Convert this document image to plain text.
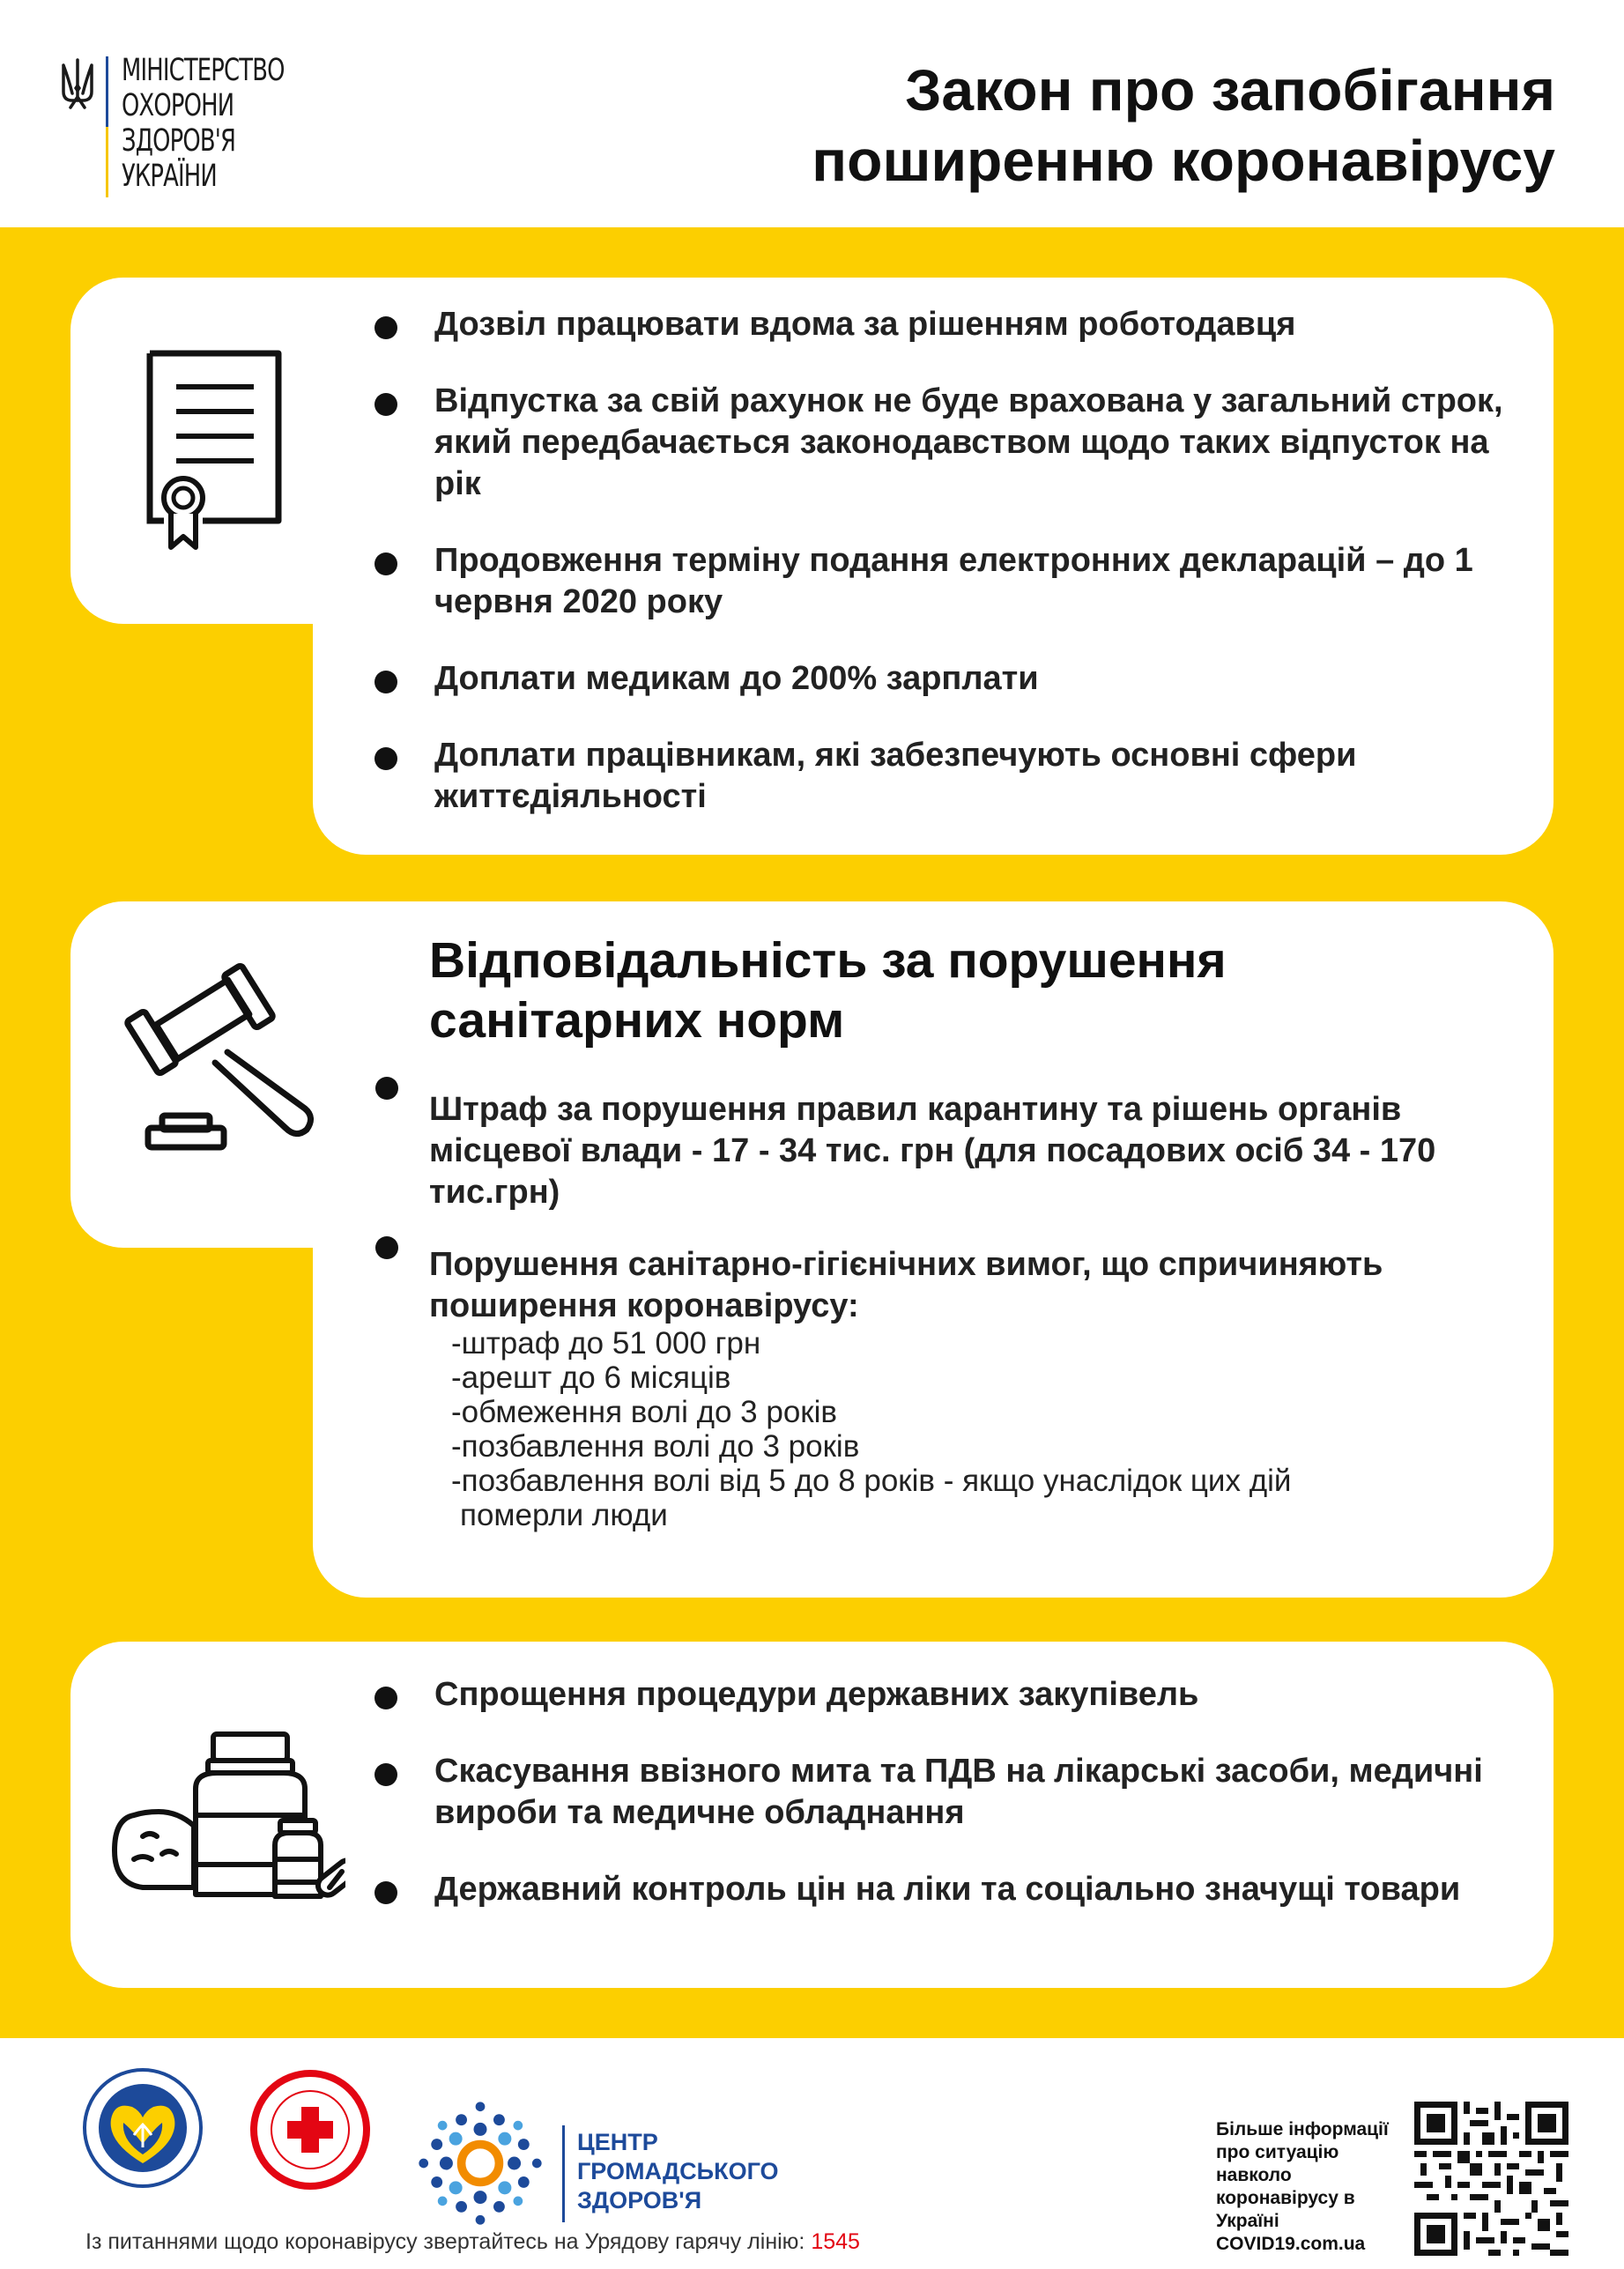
МІНІСТЕРСТВО
ОХОРОНИ
ЗДОРОВ'Я
УКРАЇНИ
Закон про запобігання
поширенню коронавірусу
Дозвіл працювати вдома за рішенням роботодавця
Відпустка за свій рахунок не буде врахована у загальний строк, який передбачається законодавством щодо таких відпусток на рік
Продовження терміну подання електронних декларацій – до 1 червня 2020 року
Доплати медикам до 200% зарплати
Доплати працівникам, які забезпечують основні сфери життєдіяльності
Відповідальність за порушення
санітарних норм
Штраф за порушення правил карантину та рішень органів місцевої влади - 17 - 34 тис. грн (для посадових осіб 34 - 170 тис.грн)
Порушення санітарно-гігієнічних вимог, що спричиняють поширення коронавірусу:
-штраф до 51 000 грн
-арешт до 6 місяців
-обмеження волі до 3 років
-позбавлення волі до 3 років
-позбавлення волі від 5 до 8 років - якщо унаслідок цих дій
померли люди
Спрощення процедури державних закупівель
Скасування ввізного мита та ПДВ на лікарські засоби, медичні вироби та медичне обладнання
Державний контроль цін на ліки та соціально значущі товари
ЦЕНТР
ГРОМАДСЬКОГО
ЗДОРОВ'Я
Із питаннями щодо коронавірусу звертайтесь на Урядову гарячу лінію: 1545
Більше інформації про ситуацію навколо коронавірусу в Україні
COVID19.com.ua
